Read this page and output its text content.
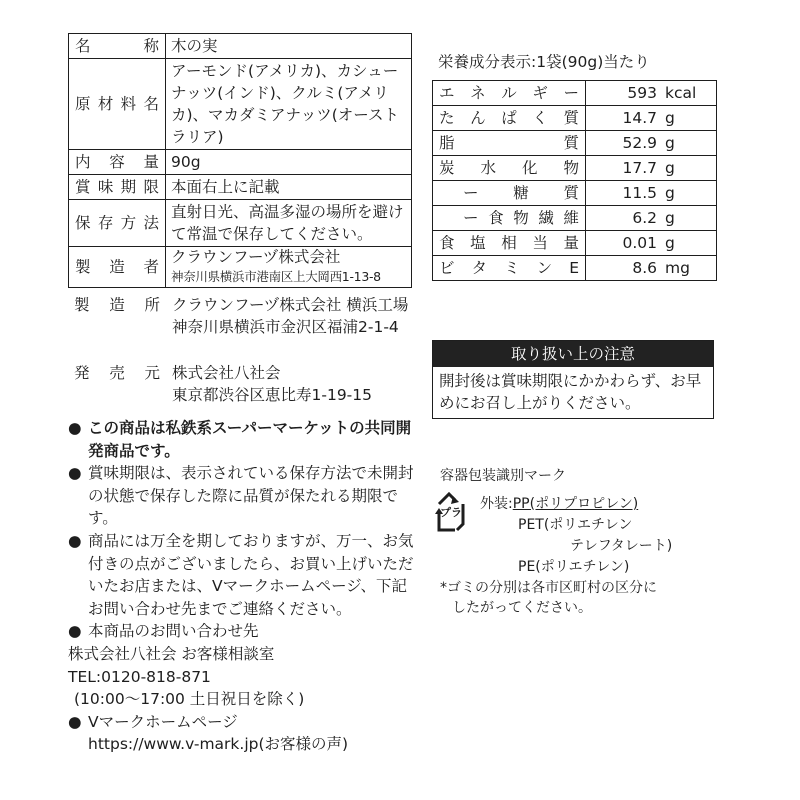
名称	木の実
原材料名	アーモンド(アメリカ)、カシューナッツ(インド)、クルミ(アメリカ)、マカダミアナッツ(オーストラリア)
内容量	90g
賞味期限	本面右上に記載
保存方法	直射日光、高温多湿の場所を避けて常温で保存してください。
製造者	クラウンフーヅ株式会社
神奈川県横浜市港南区上大岡西1-13-8
製造所 クラウンフーヅ株式会社 横浜工場
神奈川県横浜市金沢区福浦2-1-4
発売元 株式会社八社会
東京都渋谷区恵比寿1-19-15
● この商品は私鉄系スーパーマーケットの共同開発商品です。
● 賞味期限は、表示されている保存方法で未開封の状態で保存した際に品質が保たれる期限です。
● 商品には万全を期しておりますが、万一、お気付きの点がございましたら、お買い上げいただいたお店または、Vマークホームページ、下記お問い合わせ先までご連絡ください。
● 本商品のお問い合わせ先
株式会社八社会 お客様相談室
TEL:0120-818-871
(10:00〜17:00 土日祝日を除く)
● Vマークホームページ
https://www.v-mark.jp(お客様の声)
栄養成分表示:1袋(90g)当たり
エネルギー	593 kcal

たんぱく質	14.7 g

脂質	52.9 g

炭水化物	17.7 g

ー糖質	11.5 g

ー食物繊維	6.2 g

食塩相当量	0.01 g

ビタミンE	8.6 mg
取り扱い上の注意
開封後は賞味期限にかかわらず、お早めにお召し上がりください。
容器包装識別マーク
プラ
外装:PP(ポリプロピレン)
PET(ポリエチレン
テレフタレート)
PE(ポリエチレン)
*ゴミの分別は各市区町村の区分に
したがってください。
